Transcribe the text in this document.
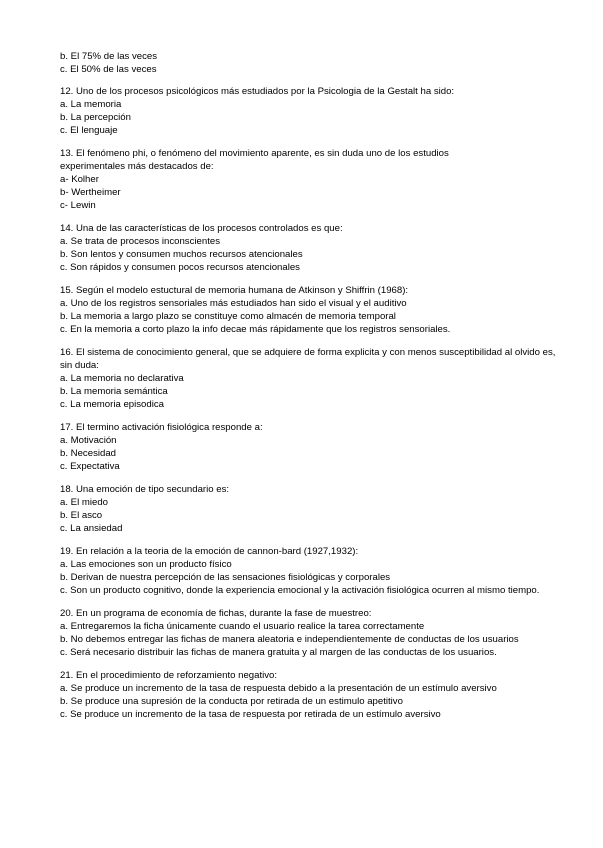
b. El 75% de las veces
c. El 50% de las veces
12. Uno de los procesos psicológicos más estudiados por la Psicologia de la Gestalt ha sido:
a. La memoria
b. La percepción
c. El lenguaje
13. El fenómeno phi, o fenómeno del movimiento aparente, es sin duda uno de los estudios experimentales más destacados de:
a- Kolher
b- Wertheimer
c- Lewin
14. Una de las características de los procesos controlados es que:
a. Se trata de procesos inconscientes
b. Son lentos y consumen muchos recursos atencionales
c. Son rápidos y consumen pocos recursos atencionales
15. Según el modelo estuctural de memoria humana de Atkinson y Shiffrin (1968):
a. Uno de los registros sensoriales más estudiados han sido el visual y el auditivo
b. La memoria a largo plazo se constituye como almacén de memoria temporal
c. En la memoria a corto plazo la info decae más rápidamente que los registros sensoriales.
16. El sistema de conocimiento general, que se adquiere de forma explicita y con menos susceptibilidad al olvido es, sin duda:
a. La memoria no declarativa
b. La memoria semántica
c. La memoria episodica
17. El termino activación fisiológica responde a:
a. Motivación
b. Necesidad
c. Expectativa
18. Una emoción de tipo secundario es:
a. El miedo
b. El asco
c. La ansiedad
19. En relación a la teoria de la emoción de cannon-bard (1927,1932):
a. Las emociones son un producto físico
b. Derivan de nuestra percepción de las sensaciones fisiológicas y corporales
c. Son un producto cognitivo, donde la experiencia emocional y la activación fisiológica ocurren al mismo tiempo.
20. En un programa de economía de fichas, durante la fase de muestreo:
a. Entregaremos la ficha únicamente cuando el usuario realice la tarea correctamente
b. No debemos entregar las fichas de manera aleatoria e independientemente de conductas de los usuarios
c. Será necesario distribuir las fichas de manera gratuita y al margen de las conductas de los usuarios.
21. En el procedimiento de reforzamiento negativo:
a. Se produce un incremento de la tasa de respuesta debido a la presentación de un estímulo aversivo
b. Se produce una supresión de la conducta por retirada de un estimulo apetitivo
c. Se produce un incremento de la tasa de respuesta por retirada de un estímulo aversivo
